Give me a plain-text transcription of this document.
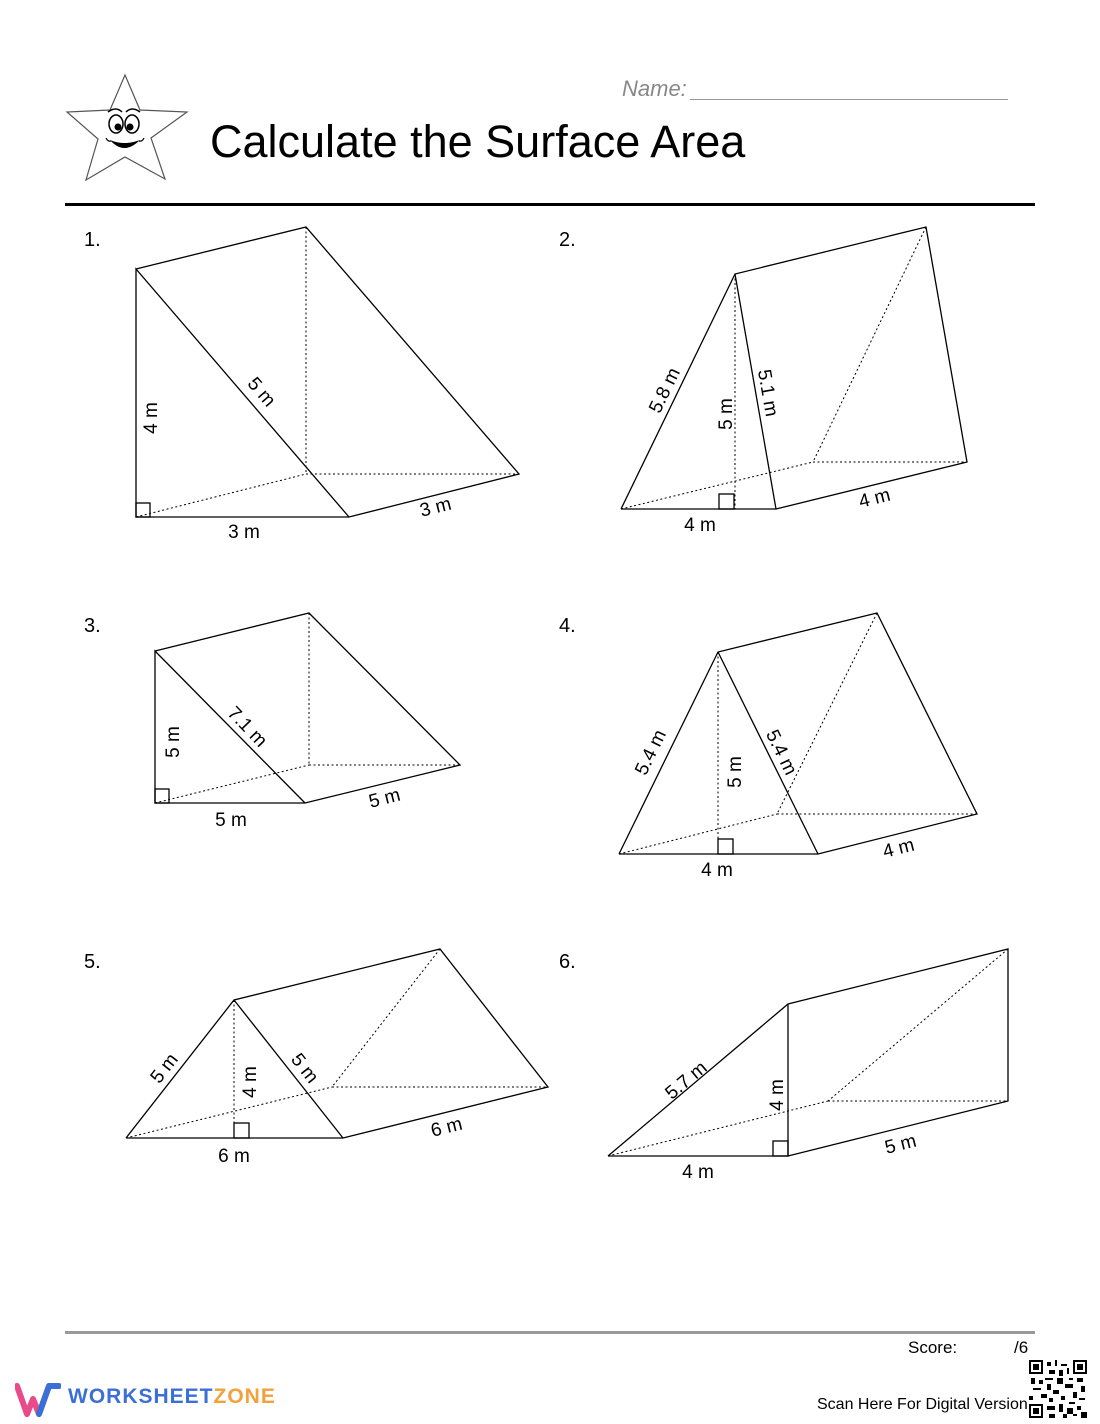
Name:
Calculate the Surface Area
1.	2.
3.	4.
5.	6.
4 m
5 m
3 m
3 m
5.8 m 5 m 5.1 m
4 m
4 m
5 m 7.1 m
5 m
5 m
5.4 m	5 m 5.4 m
4 m
4 m
5 m	4 m 5 m
6 m
6 m
5.7 m	4 m
4 m
5 m
Score:	/6
WORKSHEETZONE	Scan Here For Digital Version
